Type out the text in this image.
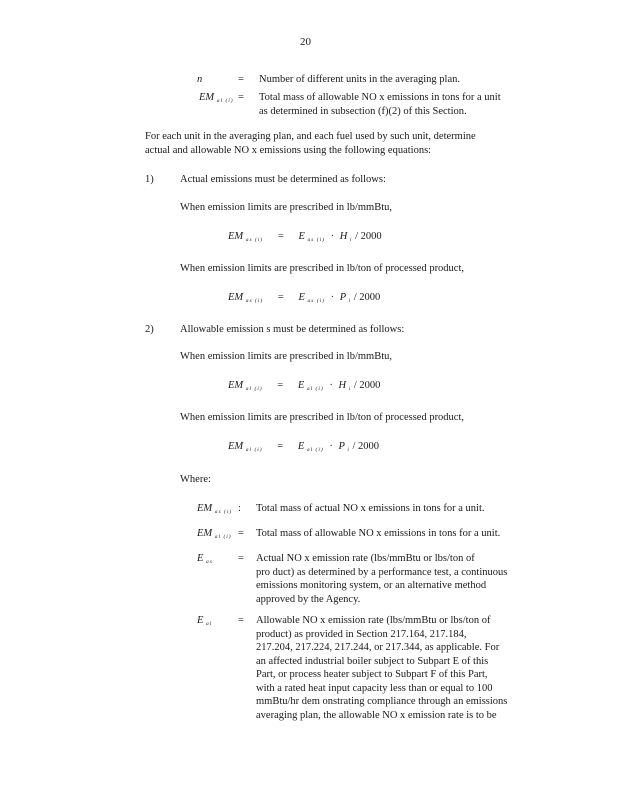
20
n	= Number of different units in the averaging plan.
EM $_{al (i)}$ = Total mass of allowable NO x emissions in tons for a unit
as determined in subsection (f)(2) of this Section.
For each unit in the averaging plan, and each fuel used by such unit, determine
actual and allowable NO x emissions using the following equations:
1)	Actual emissions must be determined as follows:
When emission limits are prescribed in lb/mmBtu,
EM $_{as (i)}$ = E $_{as (i)}$ · H $_i$ / 2000
When emission limits are prescribed in lb/ton of processed product,
EM $_{as (i)}$ = E $_{as (i)}$ · P $_i$ / 2000
2)	Allowable emission s must be determined as follows:
When emission limits are prescribed in lb/mmBtu,
EM $_{al (i)}$ = E $_{al (i)}$ · H $_i$ / 2000
When emission limits are prescribed in lb/ton of processed product,
EM $_{al (i)}$ = E $_{al (i)}$ · P $_i$ / 2000
Where:
EM $_{as (i)}$ : Total mass of actual NO x emissions in tons for a unit.
EM $_{al (i)}$ = Total mass of allowable NO x emissions in tons for a unit.
E $_{as}$ = Actual NO x emission rate (lbs/mmBtu or lbs/ton of
pro duct) as determined by a performance test, a continuous
emissions monitoring system, or an alternative method
approved by the Agency.
E $_{al}$ = Allowable NO x emission rate (lbs/mmBtu or lbs/ton of
product) as provided in Section 217.164, 217.184,
217.204, 217.224, 217.244, or 217.344, as applicable. For
an affected industrial boiler subject to Subpart E of this
Part, or process heater subject to Subpart F of this Part,
with a rated heat input capacity less than or equal to 100
mmBtu/hr dem onstrating compliance through an emissions
averaging plan, the allowable NO x emission rate is to be
